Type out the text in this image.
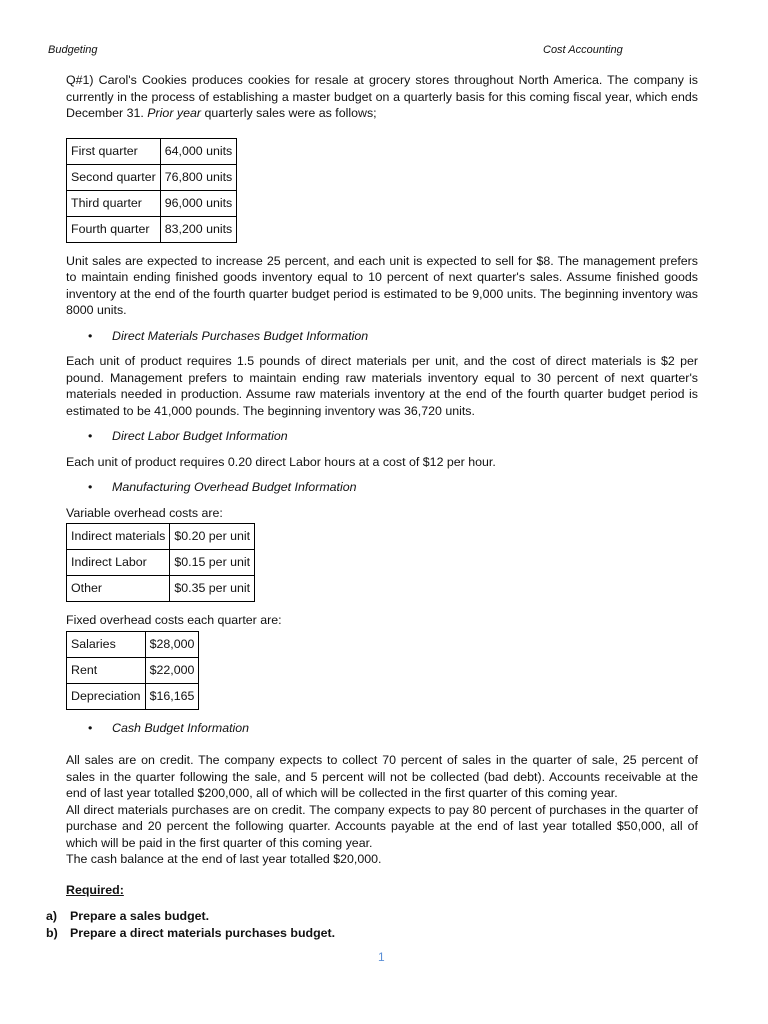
Budgeting	Cost Accounting

Q#1) Carol's Cookies produces cookies for resale at grocery stores throughout North America. The company is currently in the process of establishing a master budget on a quarterly basis for this coming fiscal year, which ends December 31. Prior year quarterly sales were as follows;

First quarter	64,000 units
Second quarter	76,800 units
Third quarter	96,000 units
Fourth quarter	83,200 units

Unit sales are expected to increase 25 percent, and each unit is expected to sell for $8. The management prefers to maintain ending finished goods inventory equal to 10 percent of next quarter's sales. Assume finished goods inventory at the end of the fourth quarter budget period is estimated to be 9,000 units. The beginning inventory was 8000 units.

• Direct Materials Purchases Budget Information

Each unit of product requires 1.5 pounds of direct materials per unit, and the cost of direct materials is $2 per pound. Management prefers to maintain ending raw materials inventory equal to 30 percent of next quarter's materials needed in production. Assume raw materials inventory at the end of the fourth quarter budget period is estimated to be 41,000 pounds. The beginning inventory was 36,720 units.

• Direct Labor Budget Information

Each unit of product requires 0.20 direct Labor hours at a cost of $12 per hour.

• Manufacturing Overhead Budget Information
Variable overhead costs are:
Indirect materials	$0.20 per unit
Indirect Labor	$0.15 per unit
Other	$0.35 per unit
Fixed overhead costs each quarter are:
Salaries	$28,000
Rent	$22,000
Depreciation	$16,165
• Cash Budget Information

All sales are on credit. The company expects to collect 70 percent of sales in the quarter of sale, 25 percent of sales in the quarter following the sale, and 5 percent will not be collected (bad debt). Accounts receivable at the end of last year totalled $200,000, all of which will be collected in the first quarter of this coming year.

All direct materials purchases are on credit. The company expects to pay 80 percent of purchases in the quarter of purchase and 20 percent the following quarter. Accounts payable at the end of last year totalled $50,000, all of which will be paid in the first quarter of this coming year.

The cash balance at the end of last year totalled $20,000.

Required:
a) Prepare a sales budget.
b) Prepare a direct materials purchases budget.
1
